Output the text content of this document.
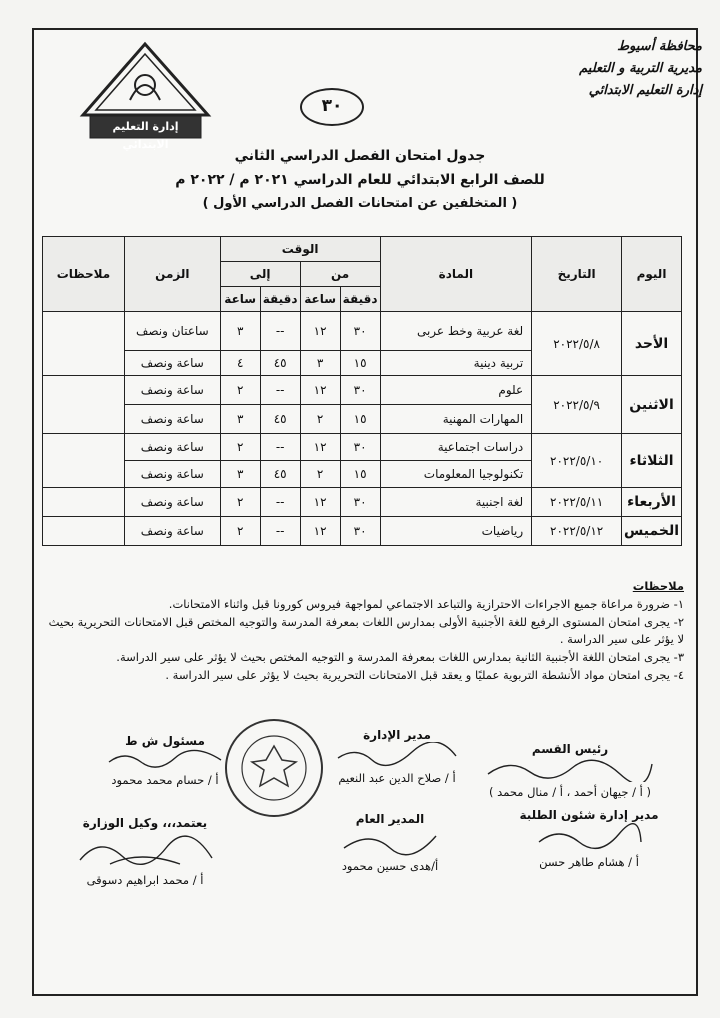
محافظة أسيوط
مديرية التربية و التعليم
إدارة التعليم الابتدائي
إدارة التعليم الابتدائي
٣٠
جدول امتحان الفصل الدراسي الثاني
للصف الرابع الابتدائي للعام الدراسي ٢٠٢١ م / ٢٠٢٢ م
( المتخلفين عن امتحانات الفصل الدراسي الأول )
اليوم	التاريخ	المادة	الوقت				الزمن	ملاحظات
			من		إلى			
			دقيقة	ساعة	دقيقة	ساعة		
الأحد	٢٠٢٢/٥/٨	لغة عربية وخط عربى	٣٠	١٢	--	٣	ساعتان ونصف	
		تربية دينية	١٥	٣	٤٥	٤	ساعة ونصف	
الاثنين	٢٠٢٢/٥/٩	علوم	٣٠	١٢	--	٢	ساعة ونصف	
		المهارات المهنية	١٥	٢	٤٥	٣	ساعة ونصف	
الثلاثاء	٢٠٢٢/٥/١٠	دراسات اجتماعية	٣٠	١٢	--	٢	ساعة ونصف	
		تكنولوجيا المعلومات	١٥	٢	٤٥	٣	ساعة ونصف	
الأربعاء	٢٠٢٢/٥/١١	لغة اجنبية	٣٠	١٢	--	٢	ساعة ونصف	
الخميس	٢٠٢٢/٥/١٢	رياضيات	٣٠	١٢	--	٢	ساعة ونصف	

ملاحظات

١- ضرورة مراعاة جميع الاجراءات الاحترازية والتباعد الاجتماعي لمواجهة فيروس كورونا قبل واثناء الامتحانات.

٢- يجرى امتحان المستوى الرفيع للغة الأجنبية الأولى بمدارس اللغات بمعرفة المدرسة والتوجيه المختص قبل الامتحانات التحريرية بحيث لا يؤثر على سير الدراسة .

٣- يجرى امتحان اللغة الأجنبية الثانية بمدارس اللغات بمعرفة المدرسة و التوجيه المختص بحيث لا يؤثر على سير الدراسة.

٤- يجرى امتحان مواد الأنشطة التربوية عمليًا و يعقد قبل الامتحانات التحريرية بحيث لا يؤثر على سير الدراسة .

رئيس القسم
( أ / جيهان أحمد ، أ / منال محمد )
مدير الإدارة
أ / صلاح الدين عبد النعيم
مسئول ش ط
أ / حسام محمد محمود
مدير إدارة شئون الطلبة
أ / هشام طاهر حسن
المدير العام
أ/هدى حسين محمود
يعتمد،،، وكيل الوزارة
أ / محمد ابراهيم دسوقى
